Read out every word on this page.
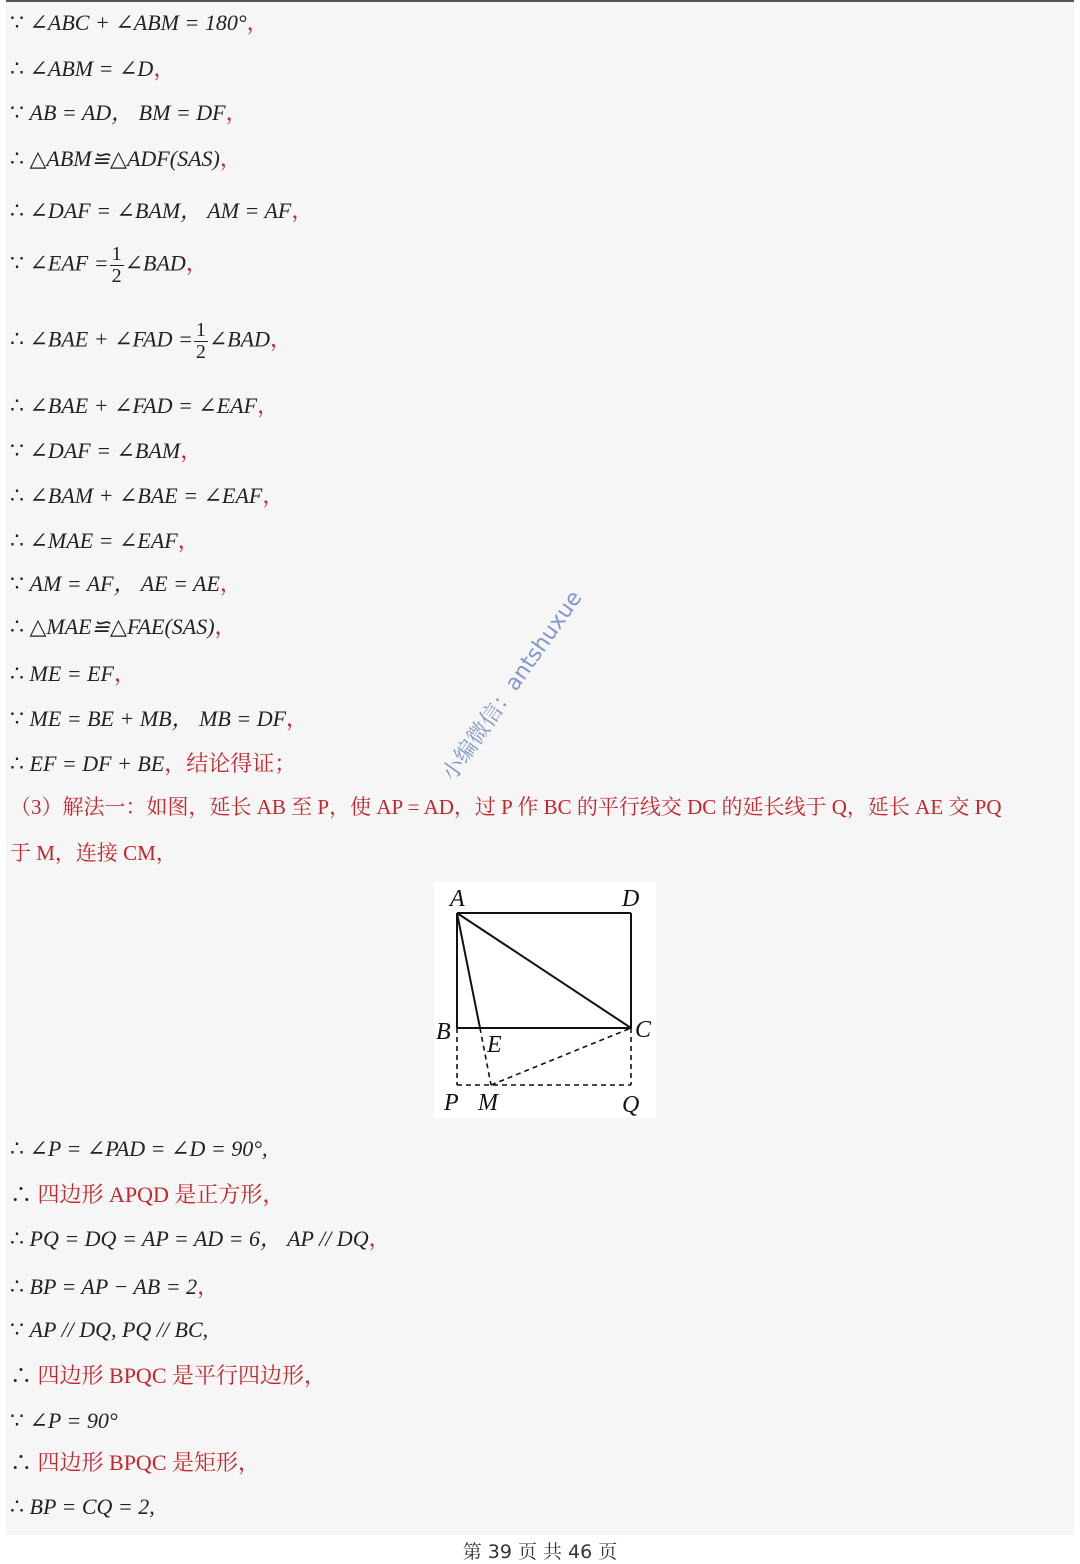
∵ ∠ABC + ∠ABM = 180°，
∴ ∠ABM = ∠D，
∵ AB = AD， BM = DF，
∴ △ABM≌△ADF(SAS)，
∴ ∠DAF = ∠BAM， AM = AF，
∵ ∠EAF = $\frac{1}{2}$ ∠BAD，
∴ ∠BAE + ∠FAD = $\frac{1}{2}$ ∠BAD，
∴ ∠BAE + ∠FAD = ∠EAF，
∵ ∠DAF = ∠BAM，
∴ ∠BAM + ∠BAE = ∠EAF，
∴ ∠MAE = ∠EAF，
∵ AM = AF， AE = AE，
∴ △MAE≌△FAE(SAS)，
∴ ME = EF，
∵ ME = BE + MB， MB = DF，
∴ EF = DF + BE，结论得证；
（3）解法一：如图，延长 AB 至 P，使 AP = AD，过 P 作 BC 的平行线交 DC 的延长线于 Q，延长 AE 交 PQ
于 M，连接 CM，
∴ ∠P = ∠PAD = ∠D = 90°,
∴ 四边形 APQD 是正方形，
∴ PQ = DQ = AP = AD = 6， AP // DQ，
∴ BP = AP − AB = 2，
∵ AP // DQ, PQ // BC,
∴ 四边形 BPQC 是平行四边形，
∵ ∠P = 90°
∴ 四边形 BPQC 是矩形，
∴ BP = CQ = 2,
小编微信：antshuxue
A	D
B	C
E
P M	Q
第 39 页 共 46 页
